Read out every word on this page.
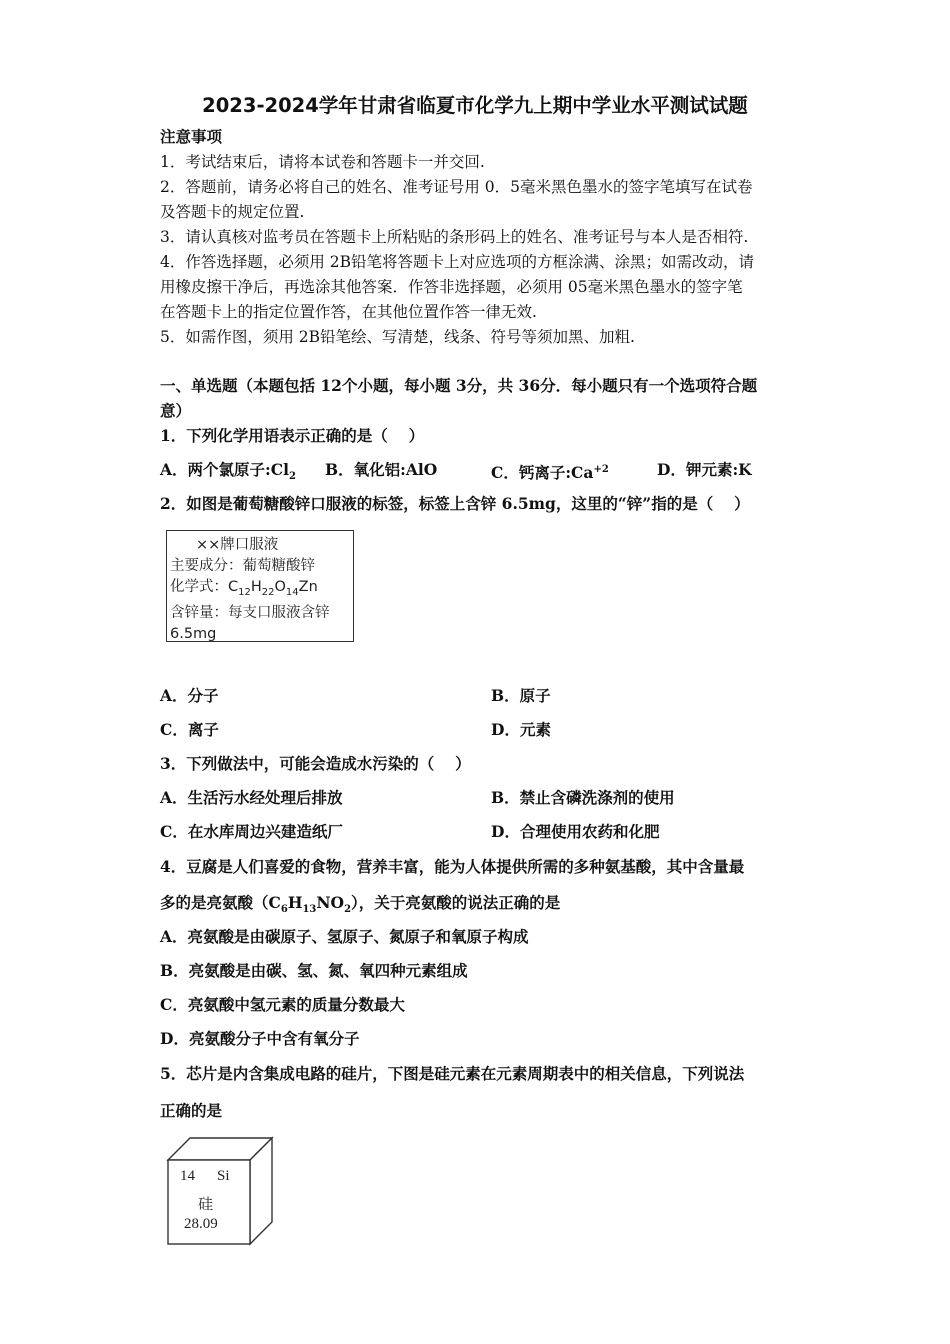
2023-2024学年甘肃省临夏市化学九上期中学业水平测试试题
注意事项
1．考试结束后，请将本试卷和答题卡一并交回.
2．答题前，请务必将自己的姓名、准考证号用 0．5毫米黑色墨水的签字笔填写在试卷
及答题卡的规定位置.
3．请认真核对监考员在答题卡上所粘贴的条形码上的姓名、准考证号与本人是否相符.
4．作答选择题，必须用 2B铅笔将答题卡上对应选项的方框涂满、涂黑；如需改动，请
用橡皮擦干净后，再选涂其他答案．作答非选择题，必须用 05毫米黑色墨水的签字笔
在答题卡上的指定位置作答，在其他位置作答一律无效.
5．如需作图，须用 2B铅笔绘、写清楚，线条、符号等须加黑、加粗.
一、单选题（本题包括 12个小题，每小题 3分，共 36分．每小题只有一个选项符合题
意）
1．下列化学用语表示正确的是（　 ）
A．两个氯原子$:Cl_2$ B．氧化铝:AlO	C．钙离子$:Ca^{+2}$	D．钾元素:K
2．如图是葡萄糖酸锌口服液的标签，标签上含锌 6.5mg，这里的“锌”指的是（　 ）
××牌口服液
主要成分：葡萄糖酸锌
化学式：$C_{12}H_{22}O_{14}Zn$
含锌量：每支口服液含锌
6.5mg
A．分子	B．原子
C．离子	D．元素
3．下列做法中，可能会造成水污染的（　 ）
A．生活污水经处理后排放	B．禁止含磷洗涤剂的使用
C．在水库周边兴建造纸厂	D．合理使用农药和化肥
4．豆腐是人们喜爱的食物，营养丰富，能为人体提供所需的多种氨基酸，其中含量最
多的是亮氨酸$(C_6H_{13}NO_2)$，关于亮氨酸的说法正确的是
A．亮氨酸是由碳原子、氢原子、氮原子和氧原子构成
B．亮氨酸是由碳、氢、氮、氧四种元素组成
C．亮氨酸中氢元素的质量分数最大
D．亮氨酸分子中含有氧分子
5．芯片是内含集成电路的硅片，下图是硅元素在元素周期表中的相关信息，下列说法
正确的是
14 Si
硅
28.09
